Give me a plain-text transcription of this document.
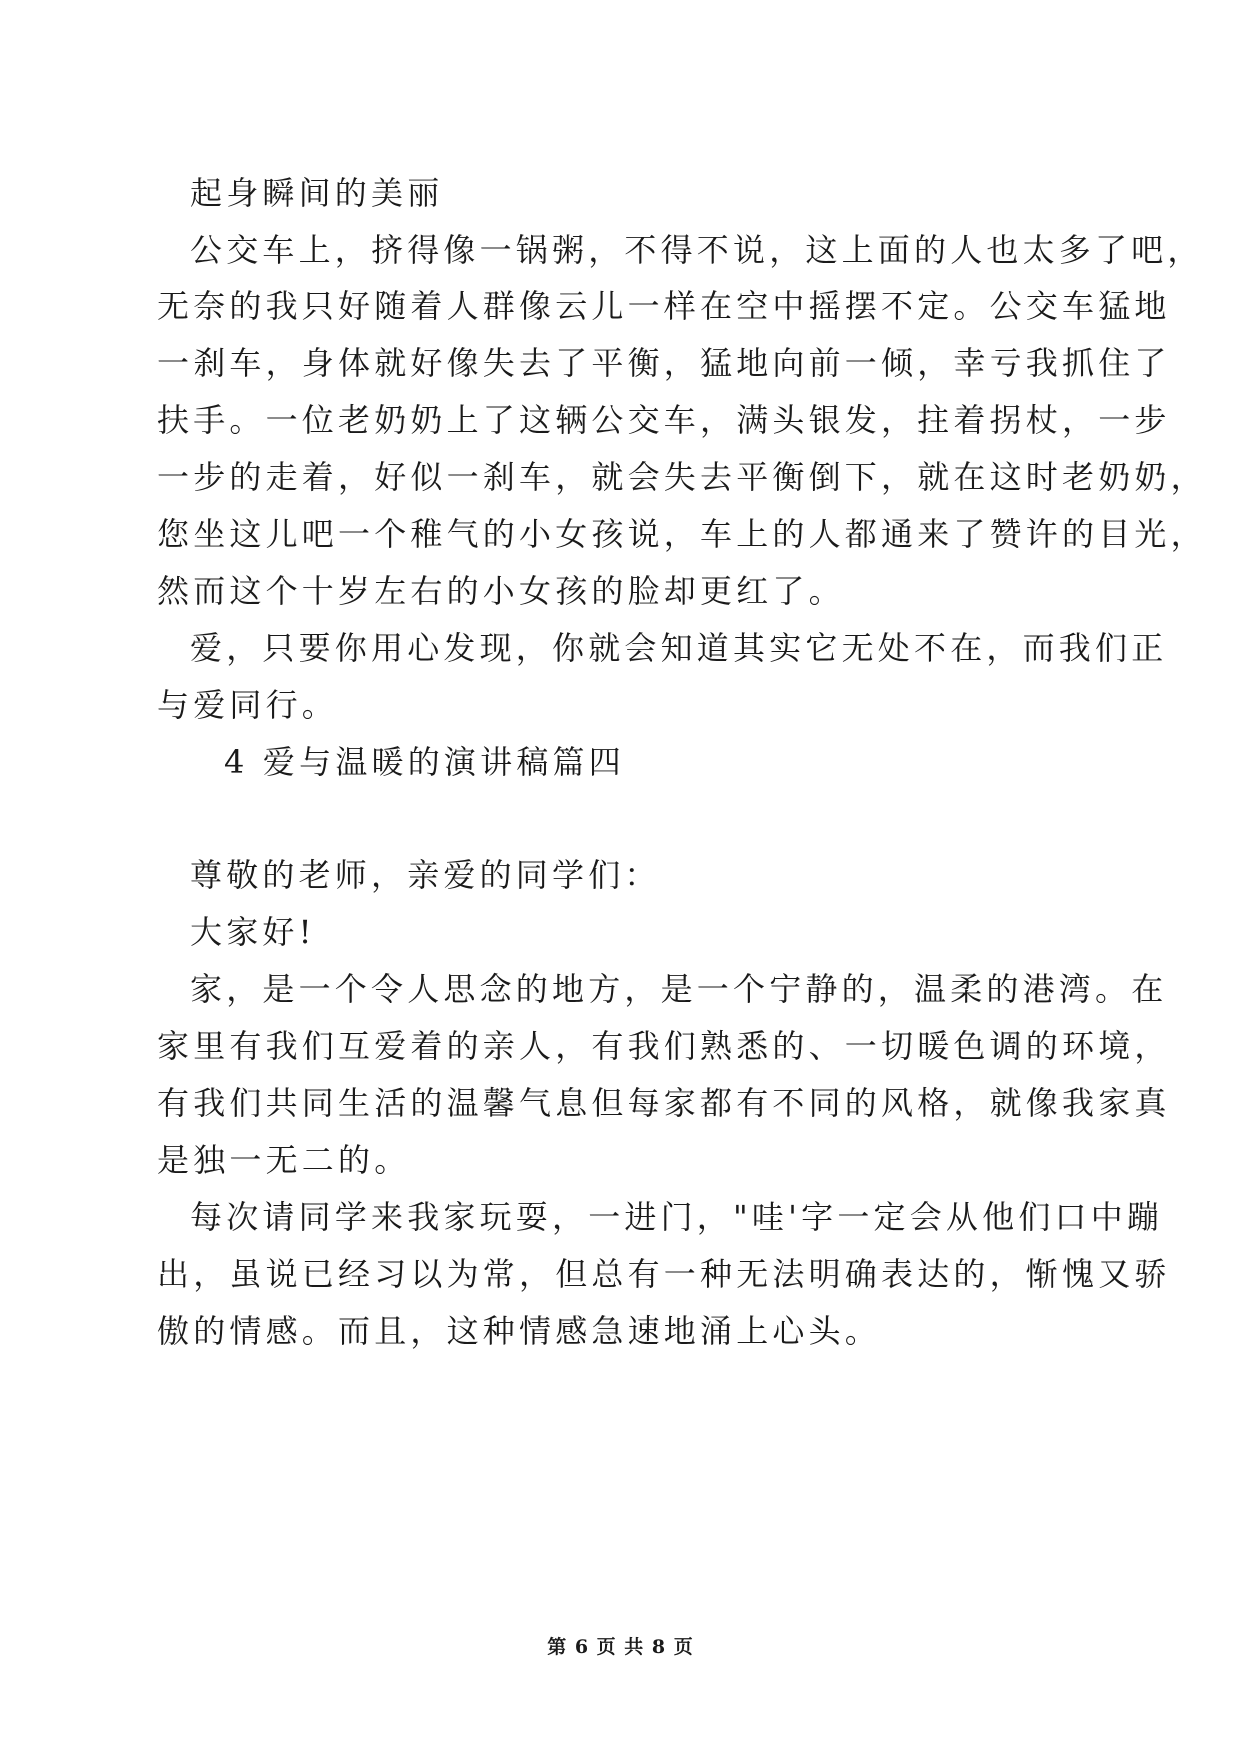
起身瞬间的美丽
公交车上，挤得像一锅粥，不得不说，这上面的人也太多了吧，
无奈的我只好随着人群像云儿一样在空中摇摆不定。公交车猛地
一刹车，身体就好像失去了平衡，猛地向前一倾，幸亏我抓住了
扶手。一位老奶奶上了这辆公交车，满头银发，拄着拐杖，一步
一步的走着，好似一刹车，就会失去平衡倒下，就在这时老奶奶，
您坐这儿吧一个稚气的小女孩说，车上的人都通来了赞许的目光，
然而这个十岁左右的小女孩的脸却更红了。
爱，只要你用心发现，你就会知道其实它无处不在，而我们正
与爱同行。
4 爱与温暖的演讲稿篇四
尊敬的老师，亲爱的同学们：
大家好!
家，是一个令人思念的地方，是一个宁静的，温柔的港湾。在
家里有我们互爱着的亲人，有我们熟悉的、一切暖色调的环境，
有我们共同生活的温馨气息但每家都有不同的风格，就像我家真
是独一无二的。
每次请同学来我家玩耍，一进门，"哇'字一定会从他们口中蹦
出，虽说已经习以为常，但总有一种无法明确表达的，惭愧又骄
傲的情感。而且，这种情感急速地涌上心头。
第 6 页 共 8 页
